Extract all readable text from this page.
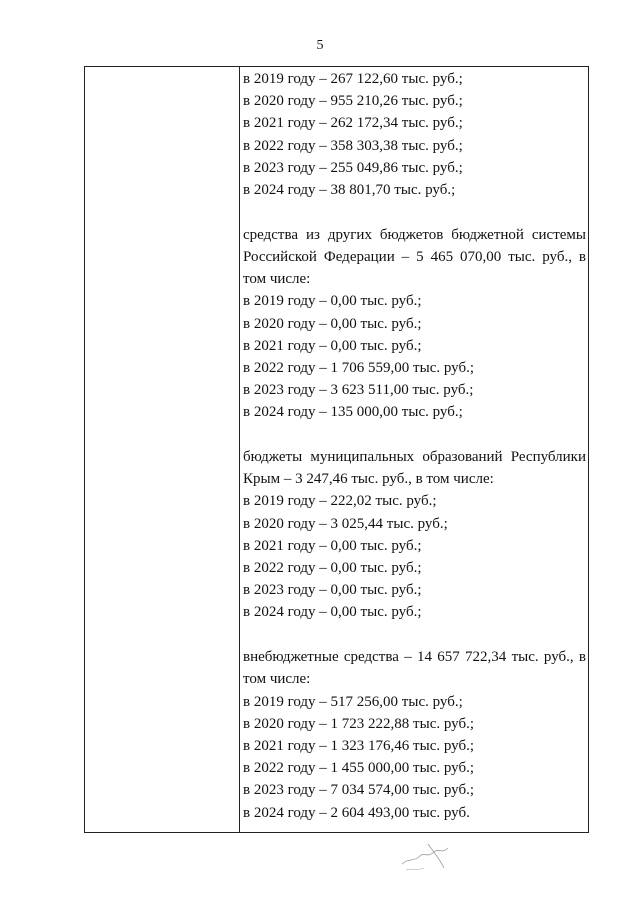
5
в 2019 году – 267 122,60 тыс. руб.;
в 2020 году – 955 210,26 тыс. руб.;
в 2021 году – 262 172,34 тыс. руб.;
в 2022 году – 358 303,38 тыс. руб.;
в 2023 году – 255 049,86 тыс. руб.;
в 2024 году – 38 801,70 тыс. руб.;
средства из других бюджетов бюджетной системы Российской Федерации – 5 465 070,00 тыс. руб., в том числе:
в 2019 году – 0,00 тыс. руб.;
в 2020 году – 0,00 тыс. руб.;
в 2021 году – 0,00 тыс. руб.;
в 2022 году – 1 706 559,00 тыс. руб.;
в 2023 году – 3 623 511,00 тыс. руб.;
в 2024 году – 135 000,00 тыс. руб.;
бюджеты муниципальных образований Республики Крым – 3 247,46 тыс. руб., в том числе:
в 2019 году – 222,02 тыс. руб.;
в 2020 году – 3 025,44 тыс. руб.;
в 2021 году – 0,00 тыс. руб.;
в 2022 году – 0,00 тыс. руб.;
в 2023 году – 0,00 тыс. руб.;
в 2024 году – 0,00 тыс. руб.;
внебюджетные средства – 14 657 722,34 тыс. руб., в том числе:
в 2019 году – 517 256,00 тыс. руб.;
в 2020 году – 1 723 222,88 тыс. руб.;
в 2021 году – 1 323 176,46 тыс. руб.;
в 2022 году – 1 455 000,00 тыс. руб.;
в 2023 году – 7 034 574,00 тыс. руб.;
в 2024 году – 2 604 493,00 тыс. руб.
